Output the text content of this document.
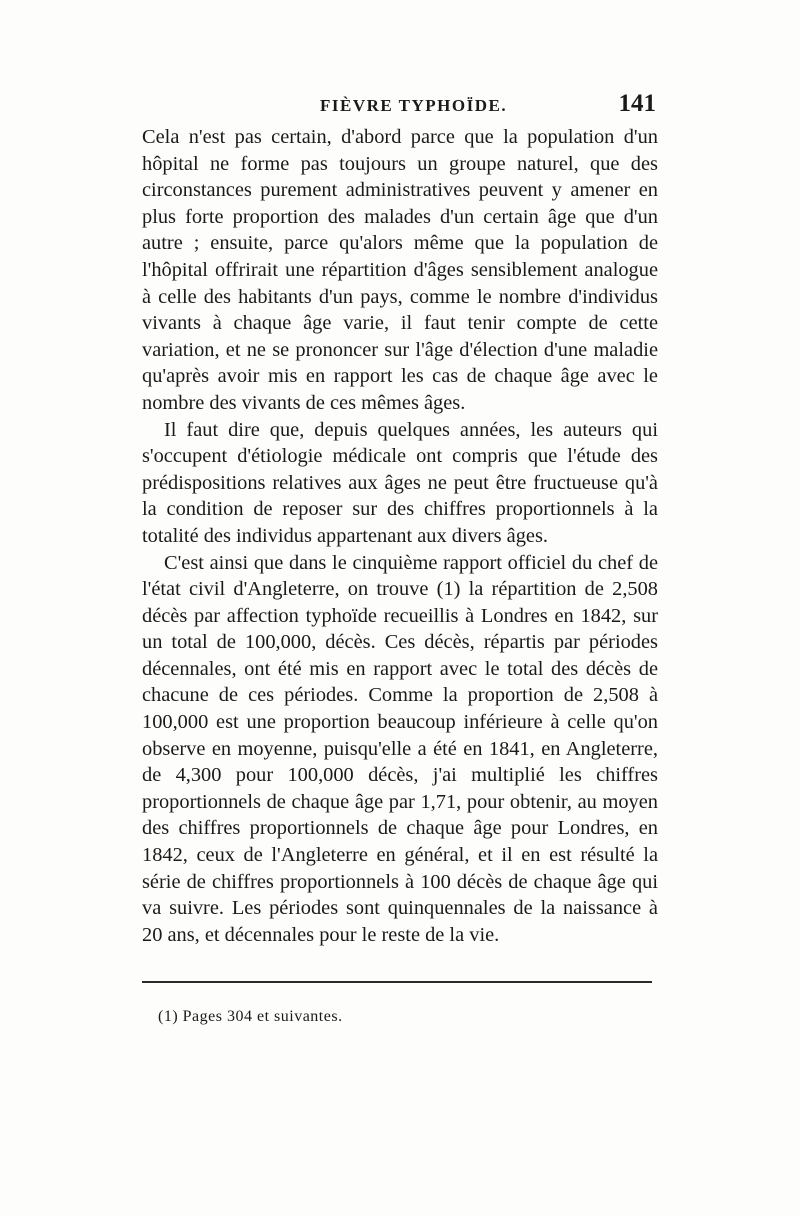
FIÈVRE TYPHOÏDE.	141

Cela n'est pas certain, d'abord parce que la population d'un hôpital ne forme pas toujours un groupe naturel, que des circonstances purement administratives peuvent y amener en plus forte proportion des malades d'un certain âge que d'un autre ; ensuite, parce qu'alors même que la population de l'hôpital offrirait une répartition d'âges sensiblement analogue à celle des habitants d'un pays, comme le nombre d'individus vivants à chaque âge varie, il faut tenir compte de cette variation, et ne se prononcer sur l'âge d'élection d'une maladie qu'après avoir mis en rapport les cas de chaque âge avec le nombre des vivants de ces mêmes âges.

Il faut dire que, depuis quelques années, les auteurs qui s'occupent d'étiologie médicale ont compris que l'étude des prédispositions relatives aux âges ne peut être fructueuse qu'à la condition de reposer sur des chiffres proportionnels à la totalité des individus appartenant aux divers âges.

C'est ainsi que dans le cinquième rapport officiel du chef de l'état civil d'Angleterre, on trouve (1) la répartition de 2,508 décès par affection typhoïde recueillis à Londres en 1842, sur un total de 100,000, décès. Ces décès, répartis par périodes décennales, ont été mis en rapport avec le total des décès de chacune de ces périodes. Comme la proportion de 2,508 à 100,000 est une proportion beaucoup inférieure à celle qu'on observe en moyenne, puisqu'elle a été en 1841, en Angleterre, de 4,300 pour 100,000 décès, j'ai multiplié les chiffres proportionnels de chaque âge par 1,71, pour obtenir, au moyen des chiffres proportionnels de chaque âge pour Londres, en 1842, ceux de l'Angleterre en général, et il en est résulté la série de chiffres proportionnels à 100 décès de chaque âge qui va suivre. Les périodes sont quinquennales de la naissance à 20 ans, et décennales pour le reste de la vie.

(1) Pages 304 et suivantes.
